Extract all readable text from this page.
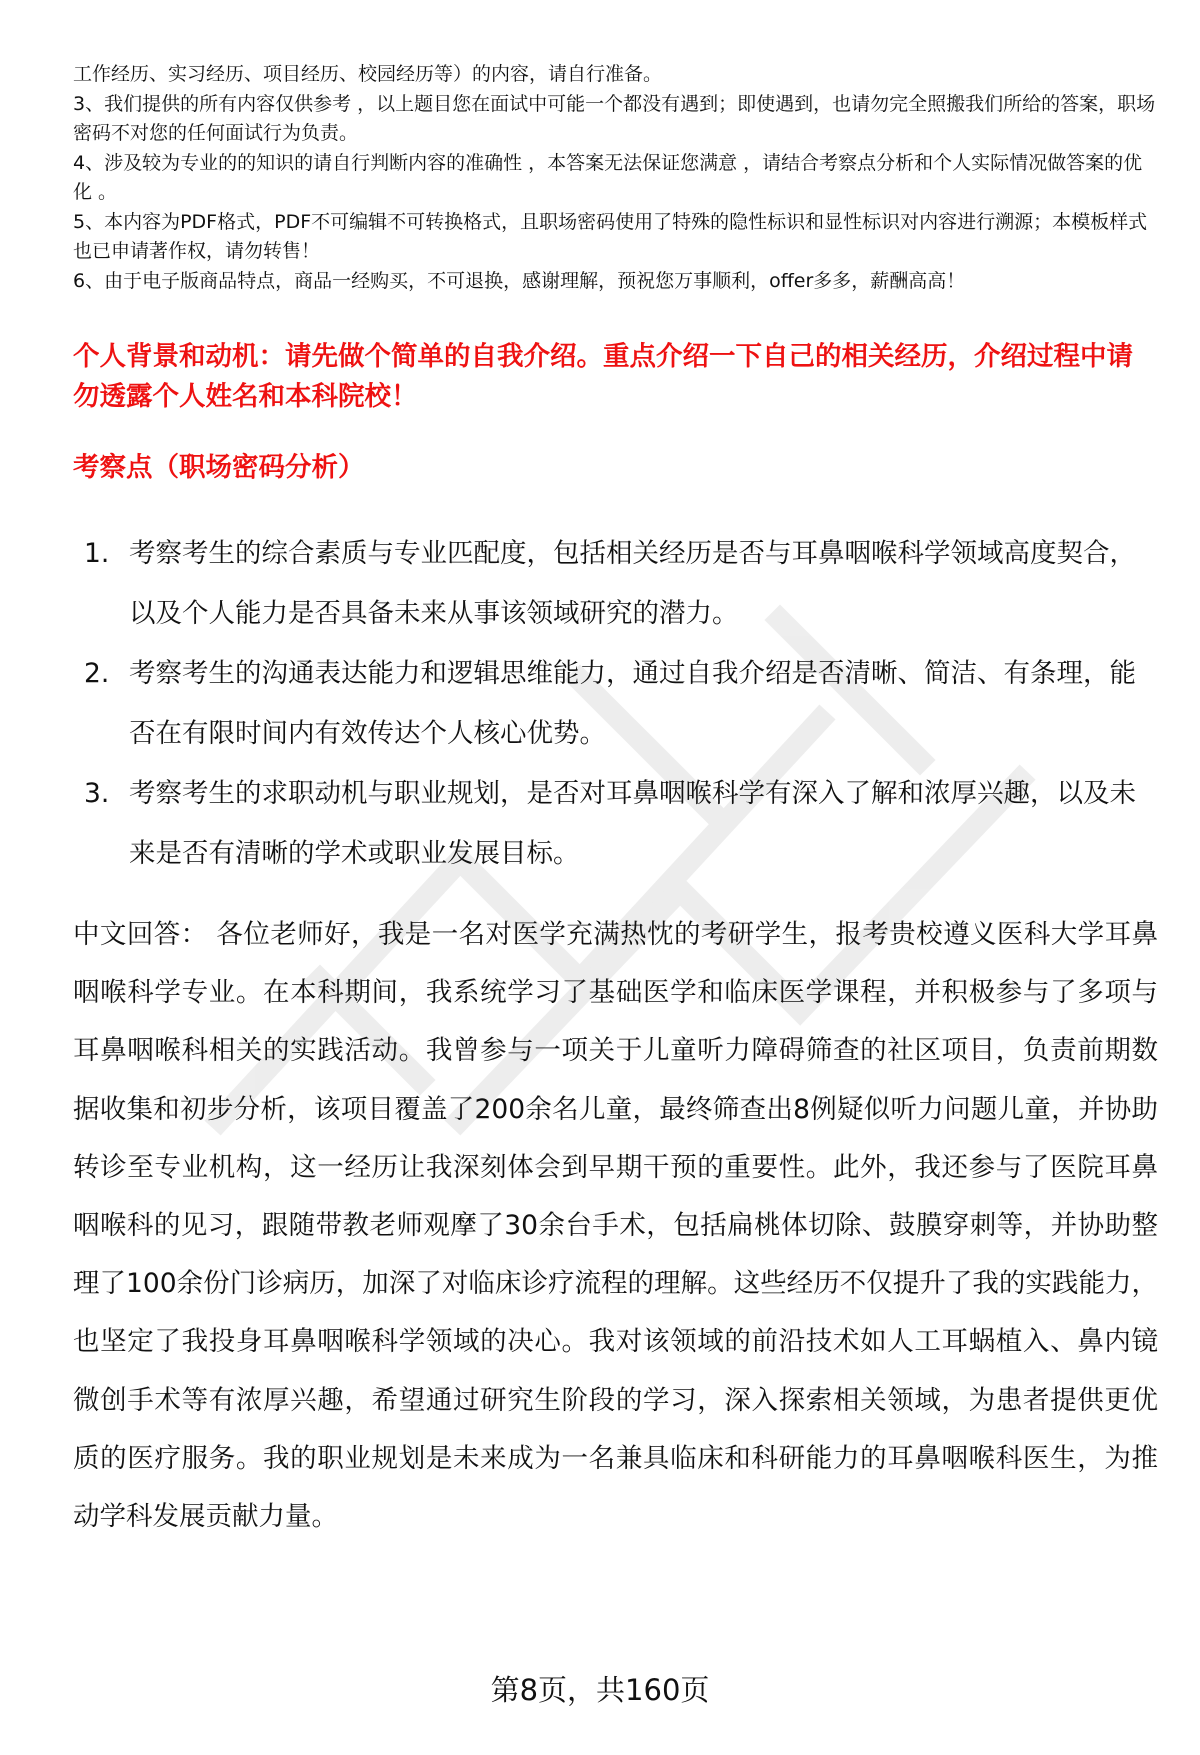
工作经历、实习经历、项目经历、校园经历等）的内容，请自行准备。

3、我们提供的所有内容仅供参考 ，以上题目您在面试中可能一个都没有遇到；即使遇到，也请勿完全照搬我们所给的答案，职场密码不对您的任何面试行为负责。

4、涉及较为专业的的知识的请自行判断内容的准确性 ，本答案无法保证您满意 ，请结合考察点分析和个人实际情况做答案的优化 。

5、本内容为PDF格式，PDF不可编辑不可转换格式，且职场密码使用了特殊的隐性标识和显性标识对内容进行溯源；本模板样式也已申请著作权，请勿转售！

6、由于电子版商品特点，商品一经购买，不可退换，感谢理解，预祝您万事顺利，offer多多，薪酬高高！

个人背景和动机：请先做个简单的自我介绍。重点介绍一下自己的相关经历，介绍过程中请勿透露个人姓名和本科院校！
考察点（职场密码分析）
1. 考察考生的综合素质与专业匹配度，包括相关经历是否与耳鼻咽喉科学领域高度契合，以及个人能力是否具备未来从事该领域研究的潜力。
2. 考察考生的沟通表达能力和逻辑思维能力，通过自我介绍是否清晰、简洁、有条理，能否在有限时间内有效传达个人核心优势。
3. 考察考生的求职动机与职业规划，是否对耳鼻咽喉科学有深入了解和浓厚兴趣，以及未来是否有清晰的学术或职业发展目标。

中文回答： 各位老师好，我是一名对医学充满热忱的考研学生，报考贵校遵义医科大学耳鼻咽喉科学专业。在本科期间，我系统学习了基础医学和临床医学课程，并积极参与了多项与耳鼻咽喉科相关的实践活动。我曾参与一项关于儿童听力障碍筛查的社区项目，负责前期数据收集和初步分析，该项目覆盖了200余名儿童，最终筛查出8例疑似听力问题儿童，并协助转诊至专业机构，这一经历让我深刻体会到早期干预的重要性。此外，我还参与了医院耳鼻咽喉科的见习，跟随带教老师观摩了30余台手术，包括扁桃体切除、鼓膜穿刺等，并协助整理了100余份门诊病历，加深了对临床诊疗流程的理解。这些经历不仅提升了我的实践能力，也坚定了我投身耳鼻咽喉科学领域的决心。我对该领域的前沿技术如人工耳蜗植入、鼻内镜微创手术等有浓厚兴趣，希望通过研究生阶段的学习，深入探索相关领域，为患者提供更优质的医疗服务。我的职业规划是未来成为一名兼具临床和科研能力的耳鼻咽喉科医生，为推动学科发展贡献力量。

第8页，共160页
